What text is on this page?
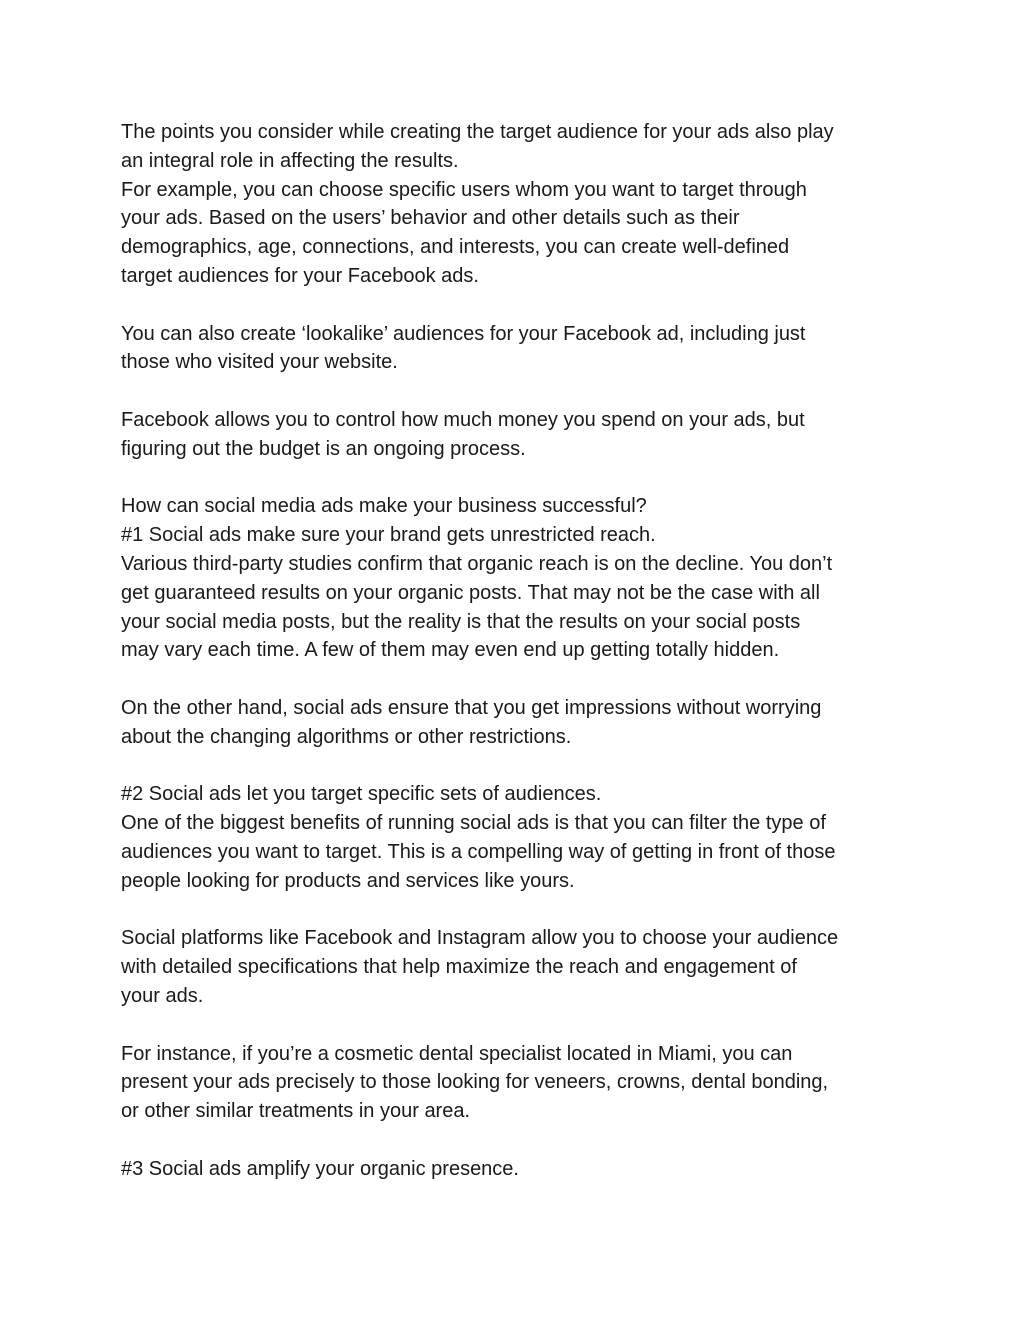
The points you consider while creating the target audience for your ads also play
an integral role in affecting the results.
For example, you can choose specific users whom you want to target through
your ads. Based on the users’ behavior and other details such as their
demographics, age, connections, and interests, you can create well-defined
target audiences for your Facebook ads.
You can also create ‘lookalike’ audiences for your Facebook ad, including just
those who visited your website.
Facebook allows you to control how much money you spend on your ads, but
figuring out the budget is an ongoing process.
How can social media ads make your business successful?
#1 Social ads make sure your brand gets unrestricted reach.
Various third-party studies confirm that organic reach is on the decline. You don’t
get guaranteed results on your organic posts. That may not be the case with all
your social media posts, but the reality is that the results on your social posts
may vary each time. A few of them may even end up getting totally hidden.
On the other hand, social ads ensure that you get impressions without worrying
about the changing algorithms or other restrictions.
#2 Social ads let you target specific sets of audiences.
One of the biggest benefits of running social ads is that you can filter the type of
audiences you want to target. This is a compelling way of getting in front of those
people looking for products and services like yours.
Social platforms like Facebook and Instagram allow you to choose your audience
with detailed specifications that help maximize the reach and engagement of
your ads.
For instance, if you’re a cosmetic dental specialist located in Miami, you can
present your ads precisely to those looking for veneers, crowns, dental bonding,
or other similar treatments in your area.
#3 Social ads amplify your organic presence.
